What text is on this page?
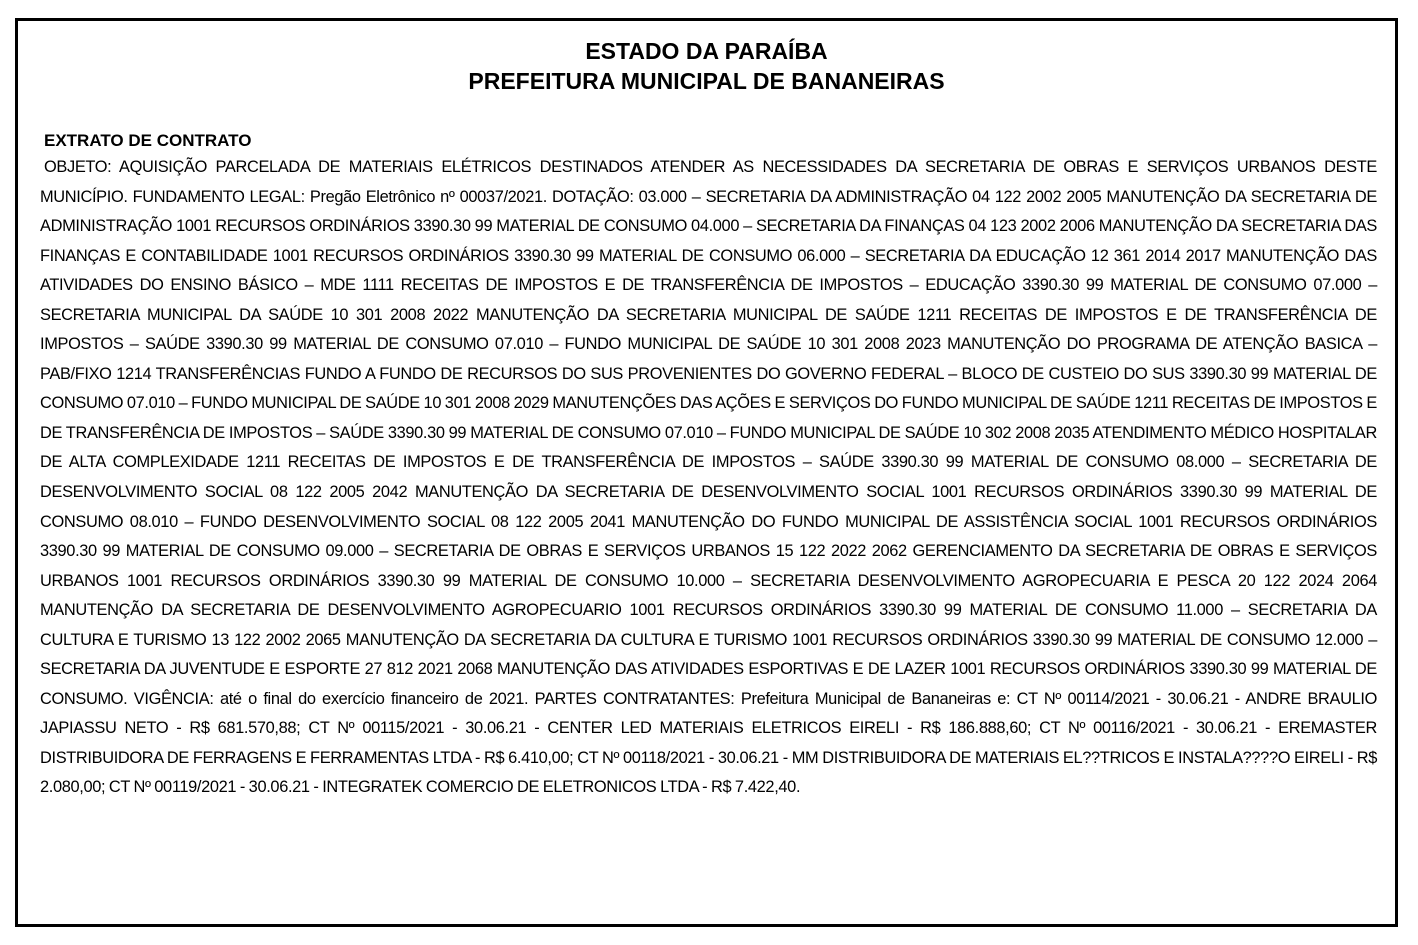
ESTADO DA PARAÍBA
PREFEITURA MUNICIPAL DE BANANEIRAS
EXTRATO DE CONTRATO
OBJETO: AQUISIÇÃO PARCELADA DE MATERIAIS ELÉTRICOS DESTINADOS ATENDER AS NECESSIDADES DA SECRETARIA DE OBRAS E SERVIÇOS URBANOS DESTE MUNICÍPIO. FUNDAMENTO LEGAL: Pregão Eletrônico nº 00037/2021. DOTAÇÃO: 03.000 – SECRETARIA DA ADMINISTRAÇÃO 04 122 2002 2005 MANUTENÇÃO DA SECRETARIA DE ADMINISTRAÇÃO 1001 RECURSOS ORDINÁRIOS 3390.30 99 MATERIAL DE CONSUMO 04.000 – SECRETARIA DA FINANÇAS 04 123 2002 2006 MANUTENÇÃO DA SECRETARIA DAS FINANÇAS E CONTABILIDADE 1001 RECURSOS ORDINÁRIOS 3390.30 99 MATERIAL DE CONSUMO 06.000 – SECRETARIA DA EDUCAÇÃO 12 361 2014 2017 MANUTENÇÃO DAS ATIVIDADES DO ENSINO BÁSICO – MDE 1111 RECEITAS DE IMPOSTOS E DE TRANSFERÊNCIA DE IMPOSTOS – EDUCAÇÃO 3390.30 99 MATERIAL DE CONSUMO 07.000 – SECRETARIA MUNICIPAL DA SAÚDE 10 301 2008 2022 MANUTENÇÃO DA SECRETARIA MUNICIPAL DE SAÚDE 1211 RECEITAS DE IMPOSTOS E DE TRANSFERÊNCIA DE IMPOSTOS – SAÚDE 3390.30 99 MATERIAL DE CONSUMO 07.010 – FUNDO MUNICIPAL DE SAÚDE 10 301 2008 2023 MANUTENÇÃO DO PROGRAMA DE ATENÇÃO BASICA – PAB/FIXO 1214 TRANSFERÊNCIAS FUNDO A FUNDO DE RECURSOS DO SUS PROVENIENTES DO GOVERNO FEDERAL – BLOCO DE CUSTEIO DO SUS 3390.30 99 MATERIAL DE CONSUMO 07.010 – FUNDO MUNICIPAL DE SAÚDE 10 301 2008 2029 MANUTENÇÕES DAS AÇÕES E SERVIÇOS DO FUNDO MUNICIPAL DE SAÚDE 1211 RECEITAS DE IMPOSTOS E DE TRANSFERÊNCIA DE IMPOSTOS – SAÚDE 3390.30 99 MATERIAL DE CONSUMO 07.010 – FUNDO MUNICIPAL DE SAÚDE 10 302 2008 2035 ATENDIMENTO MÉDICO HOSPITALAR DE ALTA COMPLEXIDADE 1211 RECEITAS DE IMPOSTOS E DE TRANSFERÊNCIA DE IMPOSTOS – SAÚDE 3390.30 99 MATERIAL DE CONSUMO 08.000 – SECRETARIA DE DESENVOLVIMENTO SOCIAL 08 122 2005 2042 MANUTENÇÃO DA SECRETARIA DE DESENVOLVIMENTO SOCIAL 1001 RECURSOS ORDINÁRIOS 3390.30 99 MATERIAL DE CONSUMO 08.010 – FUNDO DESENVOLVIMENTO SOCIAL 08 122 2005 2041 MANUTENÇÃO DO FUNDO MUNICIPAL DE ASSISTÊNCIA SOCIAL 1001 RECURSOS ORDINÁRIOS 3390.30 99 MATERIAL DE CONSUMO 09.000 – SECRETARIA DE OBRAS E SERVIÇOS URBANOS 15 122 2022 2062 GERENCIAMENTO DA SECRETARIA DE OBRAS E SERVIÇOS URBANOS 1001 RECURSOS ORDINÁRIOS 3390.30 99 MATERIAL DE CONSUMO 10.000 – SECRETARIA DESENVOLVIMENTO AGROPECUARIA E PESCA 20 122 2024 2064 MANUTENÇÃO DA SECRETARIA DE DESENVOLVIMENTO AGROPECUARIO 1001 RECURSOS ORDINÁRIOS 3390.30 99 MATERIAL DE CONSUMO 11.000 – SECRETARIA DA CULTURA E TURISMO 13 122 2002 2065 MANUTENÇÃO DA SECRETARIA DA CULTURA E TURISMO 1001 RECURSOS ORDINÁRIOS 3390.30 99 MATERIAL DE CONSUMO 12.000 – SECRETARIA DA JUVENTUDE E ESPORTE 27 812 2021 2068 MANUTENÇÃO DAS ATIVIDADES ESPORTIVAS E DE LAZER 1001 RECURSOS ORDINÁRIOS 3390.30 99 MATERIAL DE CONSUMO. VIGÊNCIA: até o final do exercício financeiro de 2021. PARTES CONTRATANTES: Prefeitura Municipal de Bananeiras e: CT Nº 00114/2021 - 30.06.21 - ANDRE BRAULIO JAPIASSU NETO - R$ 681.570,88; CT Nº 00115/2021 - 30.06.21 - CENTER LED MATERIAIS ELETRICOS EIRELI - R$ 186.888,60; CT Nº 00116/2021 - 30.06.21 - EREMASTER DISTRIBUIDORA DE FERRAGENS E FERRAMENTAS LTDA - R$ 6.410,00; CT Nº 00118/2021 - 30.06.21 - MM DISTRIBUIDORA DE MATERIAIS EL??TRICOS E INSTALA????O EIRELI - R$ 2.080,00; CT Nº 00119/2021 - 30.06.21 - INTEGRATEK COMERCIO DE ELETRONICOS LTDA - R$ 7.422,40.
